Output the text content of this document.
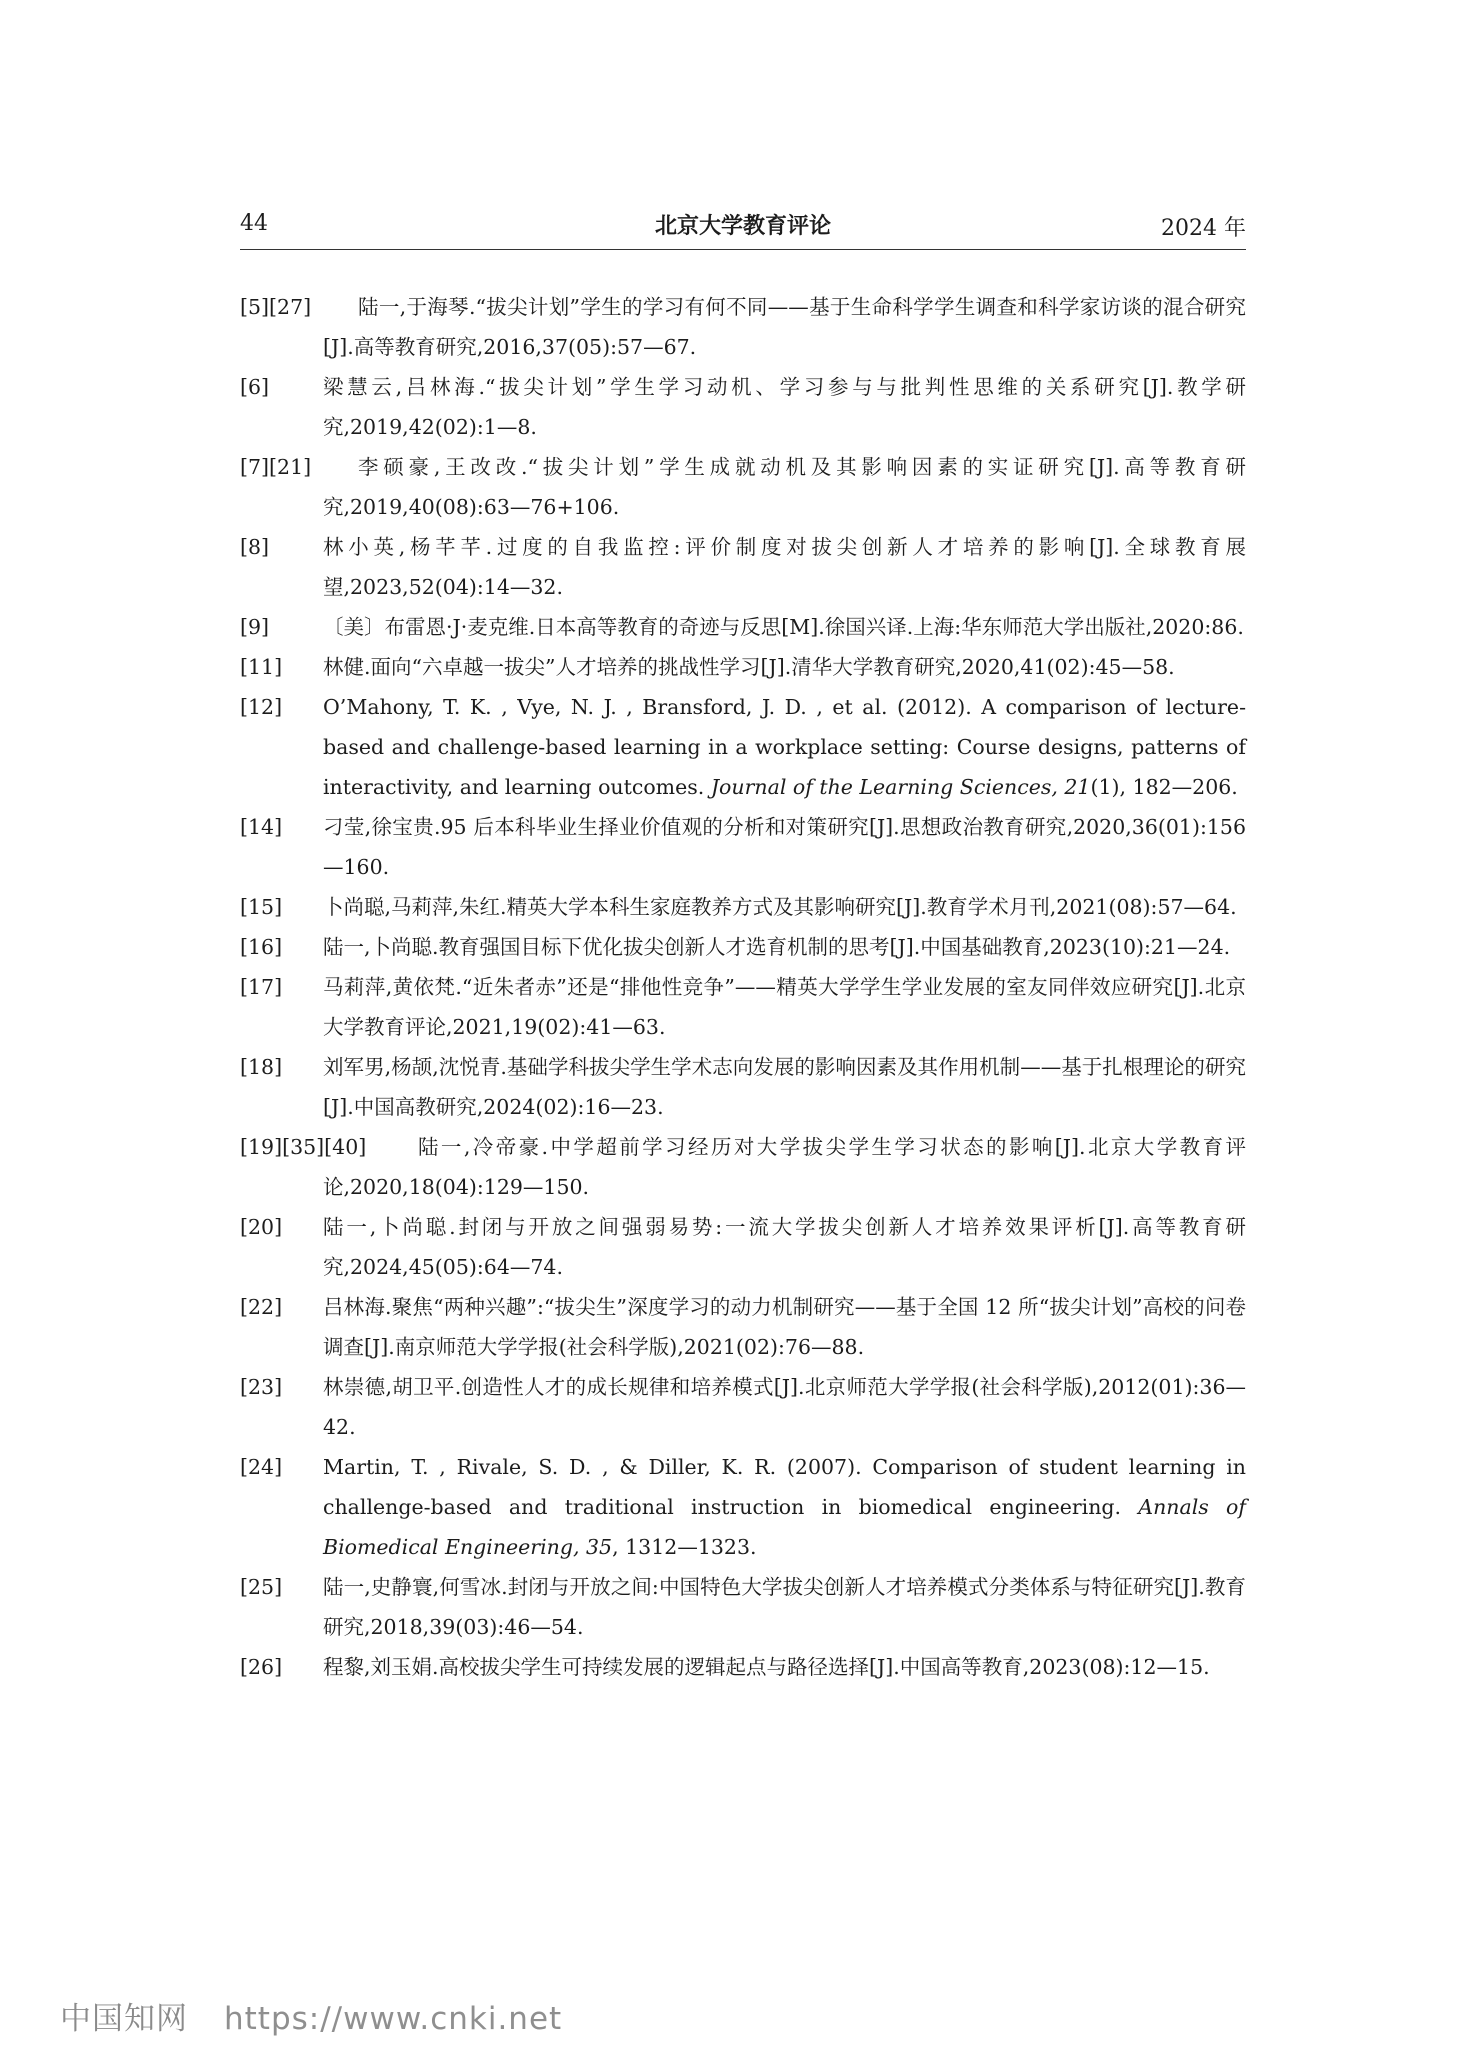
44	北京大学教育评论	2024 年
[5][27]	陆一,于海琴.“拔尖计划”学生的学习有何不同——基于生命科学学生调查和科学家访谈的混合研究[J].高等教育研究,2016,37(05):57—67.
[6]	梁慧云,吕林海.“拔尖计划”学生学习动机、学习参与与批判性思维的关系研究[J].教学研究,2019,42(02):1—8.
[7][21]	李硕豪,王改改.“拔尖计划”学生成就动机及其影响因素的实证研究[J].高等教育研究,2019,40(08):63—76+106.
[8]	林小英,杨芊芊.过度的自我监控:评价制度对拔尖创新人才培养的影响[J].全球教育展望,2023,52(04):14—32.
[9]	〔美〕布雷恩·J·麦克维.日本高等教育的奇迹与反思[M].徐国兴译.上海:华东师范大学出版社,2020:86.
[11] 林健.面向“六卓越一拔尖”人才培养的挑战性学习[J].清华大学教育研究,2020,41(02):45—58.
[12] O’Mahony, T. K. , Vye, N. J. , Bransford, J. D. , et al. (2012). A comparison of lecture-based and challenge-based learning in a workplace setting: Course designs, patterns of interactivity, and learning outcomes. Journal of the Learning Sciences, 21(1), 182—206.
[14] 刁莹,徐宝贵.95 后本科毕业生择业价值观的分析和对策研究[J].思想政治教育研究,2020,36(01):156—160.
[15] 卜尚聪,马莉萍,朱红.精英大学本科生家庭教养方式及其影响研究[J].教育学术月刊,2021(08):57—64.
[16] 陆一,卜尚聪.教育强国目标下优化拔尖创新人才选育机制的思考[J].中国基础教育,2023(10):21—24.
[17] 马莉萍,黄依梵.“近朱者赤”还是“排他性竞争”——精英大学学生学业发展的室友同伴效应研究[J].北京大学教育评论,2021,19(02):41—63.
[18] 刘军男,杨颉,沈悦青.基础学科拔尖学生学术志向发展的影响因素及其作用机制——基于扎根理论的研究[J].中国高教研究,2024(02):16—23.
[19][35][40]	陆一,冷帝豪.中学超前学习经历对大学拔尖学生学习状态的影响[J].北京大学教育评论,2020,18(04):129—150.
[20] 陆一,卜尚聪.封闭与开放之间强弱易势:一流大学拔尖创新人才培养效果评析[J].高等教育研究,2024,45(05):64—74.
[22] 吕林海.聚焦“两种兴趣”:“拔尖生”深度学习的动力机制研究——基于全国 12 所“拔尖计划”高校的问卷调查[J].南京师范大学学报(社会科学版),2021(02):76—88.
[23] 林崇德,胡卫平.创造性人才的成长规律和培养模式[J].北京师范大学学报(社会科学版),2012(01):36—42.
[24] Martin, T. , Rivale, S. D. , & Diller, K. R. (2007). Comparison of student learning in challenge-based and traditional instruction in biomedical engineering. Annals of Biomedical Engineering, 35, 1312—1323.
[25] 陆一,史静寰,何雪冰.封闭与开放之间:中国特色大学拔尖创新人才培养模式分类体系与特征研究[J].教育研究,2018,39(03):46—54.
[26] 程黎,刘玉娟.高校拔尖学生可持续发展的逻辑起点与路径选择[J].中国高等教育,2023(08):12—15.
中国知网 https://www.cnki.net
